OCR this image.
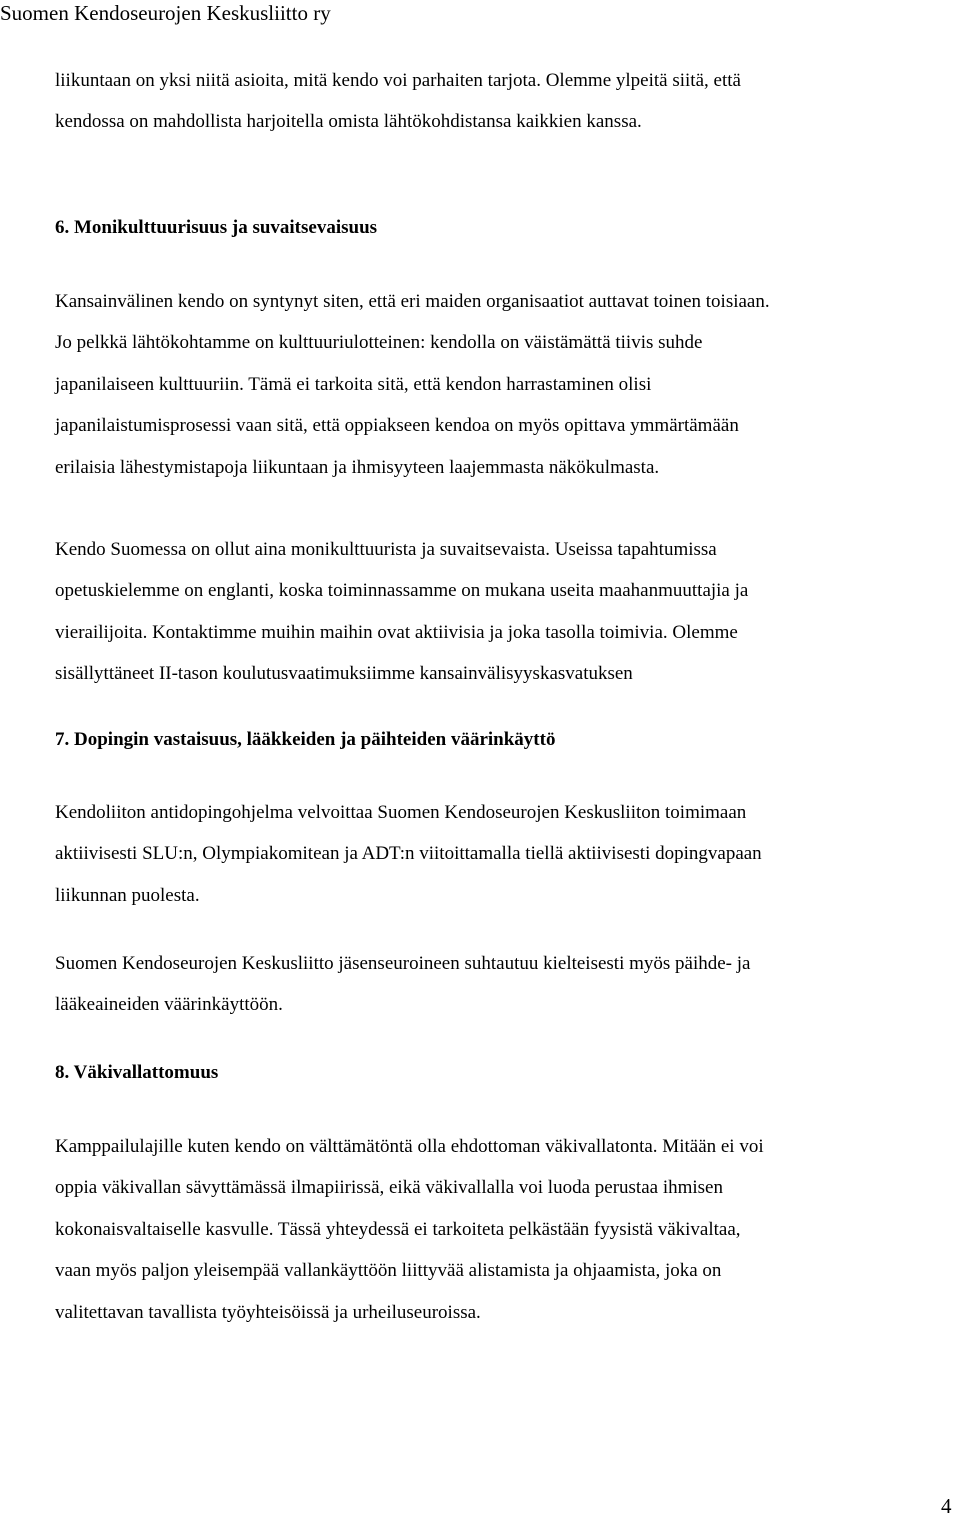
Suomen Kendoseurojen Keskusliitto ry
liikuntaan on yksi niitä asioita, mitä kendo voi parhaiten tarjota. Olemme ylpeitä siitä, että
kendossa on mahdollista harjoitella omista lähtökohdistansa kaikkien kanssa.
6. Monikulttuurisuus ja suvaitsevaisuus
Kansainvälinen kendo on syntynyt siten, että eri maiden organisaatiot auttavat toinen toisiaan.
Jo pelkkä lähtökohtamme on kulttuuriulotteinen: kendolla on väistämättä tiivis suhde
japanilaiseen kulttuuriin. Tämä ei tarkoita sitä, että kendon harrastaminen olisi
japanilaistumisprosessi vaan sitä, että oppiakseen kendoa on myös opittava ymmärtämään
erilaisia lähestymistapoja liikuntaan ja ihmisyyteen laajemmasta näkökulmasta.
Kendo Suomessa on ollut aina monikulttuurista ja suvaitsevaista. Useissa tapahtumissa
opetuskielemme on englanti, koska toiminnassamme on mukana useita maahanmuuttajia ja
vierailijoita. Kontaktimme muihin maihin ovat aktiivisia ja joka tasolla toimivia. Olemme
sisällyttäneet II-tason koulutusvaatimuksiimme kansainvälisyyskasvatuksen
7. Dopingin vastaisuus, lääkkeiden ja päihteiden väärinkäyttö
Kendoliiton antidopingohjelma velvoittaa Suomen Kendoseurojen Keskusliiton toimimaan
aktiivisesti SLU:n, Olympiakomitean ja ADT:n viitoittamalla tiellä aktiivisesti dopingvapaan
liikunnan puolesta.
Suomen Kendoseurojen Keskusliitto jäsenseuroineen suhtautuu kielteisesti myös päihde- ja
lääkeaineiden väärinkäyttöön.
8. Väkivallattomuus
Kamppailulajille kuten kendo on välttämätöntä olla ehdottoman väkivallatonta. Mitään ei voi
oppia väkivallan sävyttämässä ilmapiirissä, eikä väkivallalla voi luoda perustaa ihmisen
kokonaisvaltaiselle kasvulle. Tässä yhteydessä ei tarkoiteta pelkästään fyysistä väkivaltaa,
vaan myös paljon yleisempää vallankäyttöön liittyvää alistamista ja ohjaamista, joka on
valitettavan tavallista työyhteisöissä ja urheiluseuroissa.
4
